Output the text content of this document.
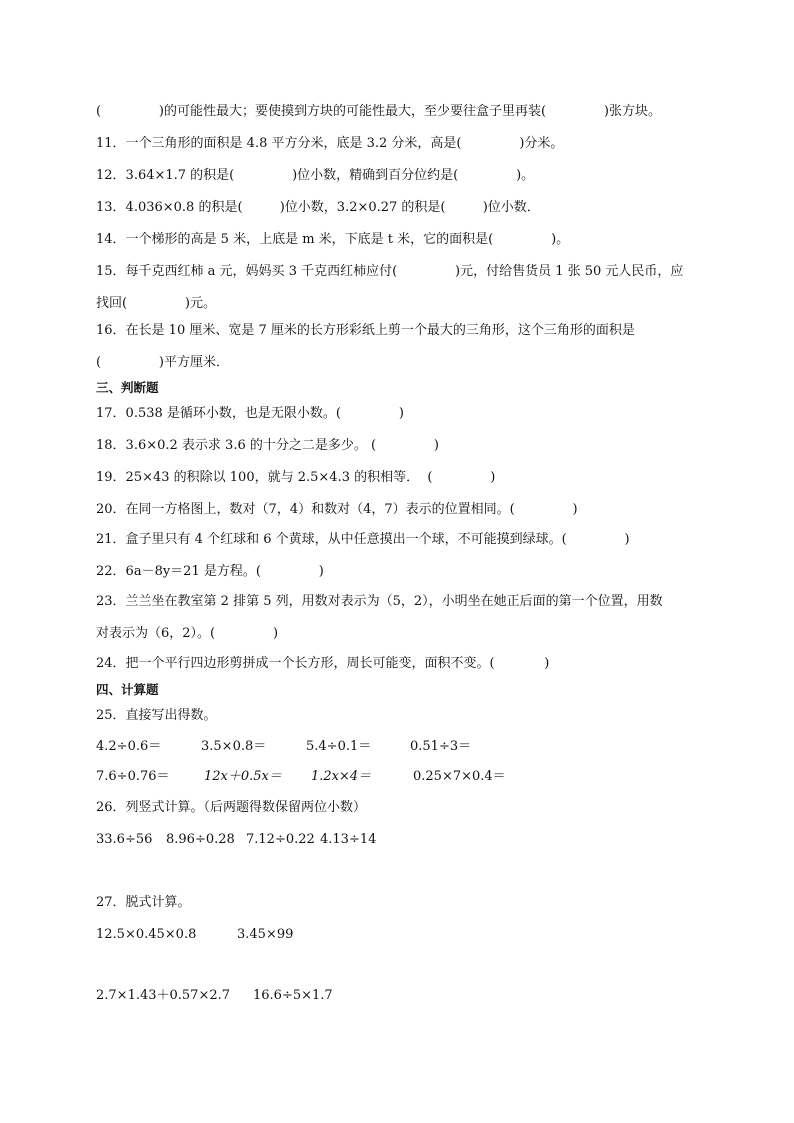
(              )的可能性最大；要使摸到方块的可能性最大，至少要往盒子里再装(              )张方块。
11．一个三角形的面积是 4.8 平方分米，底是 3.2 分米，高是(              )分米。
12．3.64×1.7 的积是(              )位小数，精确到百分位约是(              )。
13．4.036×0.8 的积是(         )位小数，3.2×0.27 的积是(         )位小数．
14．一个梯形的高是 5 米，上底是 m 米，下底是 t 米，它的面积是(              )。
15．每千克西红柿 a 元，妈妈买 3 千克西红柿应付(              )元，付给售货员 1 张 50 元人民币，应
找回(              )元。
16．在长是 10 厘米、宽是 7 厘米的长方形彩纸上剪一个最大的三角形，这个三角形的面积是
(              )平方厘米．
三、判断题
17．0.538 是循环小数，也是无限小数。(              )
18．3.6×0.2 表示求 3.6 的十分之二是多少。 (              )
19．25×43 的积除以 100，就与 2.5×4.3 的积相等．  (              )
20．在同一方格图上，数对（7，4）和数对（4，7）表示的位置相同。(              )
21．盒子里只有 4 个红球和 6 个黄球，从中任意摸出一个球，不可能摸到绿球。(              )
22．6a－8y＝21 是方程。(              )
23．兰兰坐在教室第 2 排第 5 列，用数对表示为（5，2），小明坐在她正后面的第一个位置，用数
对表示为（6，2）。(              )
24．把一个平行四边形剪拼成一个长方形，周长可能变，面积不变。(            )
四、计算题
25．直接写出得数。
4.2÷0.6＝	3.5×0.8＝	5.4÷0.1＝	0.51÷3＝
7.6÷0.76＝	12x＋0.5x＝ 1.2x×4＝	0.25×7×0.4＝
26．列竖式计算。（后两题得数保留两位小数）
33.6÷56 8.96÷0.28 7.12÷0.22 4.13÷14
27．脱式计算。
12.5×0.45×0.8	3.45×99
2.7×1.43＋0.57×2.7 16.6÷5×1.7
